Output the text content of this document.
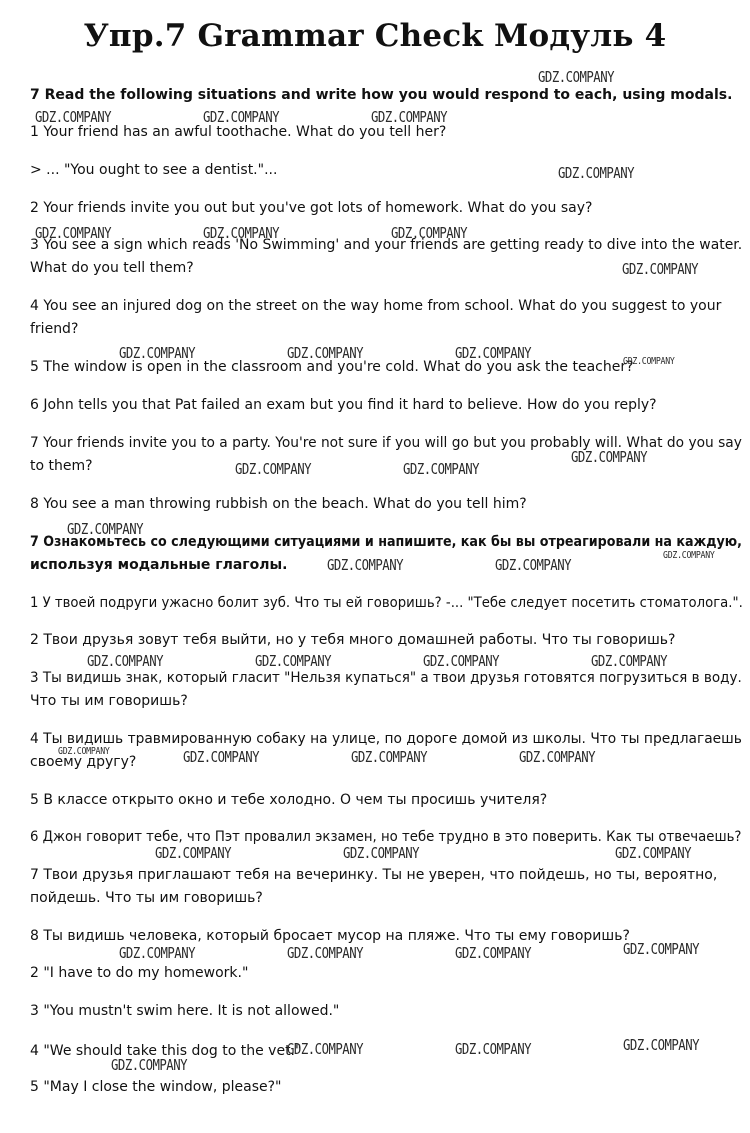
Упр.7 Grammar Check Модуль 4

7 Read the following situations and write how you would respond to each, using modals.

1 Your friend has an awful toothache. What do you tell her?

> ... "You ought to see a dentist."...

2 Your friends invite you out but you've got lots of homework. What do you say?

3 You see a sign which reads 'No Swimming' and your friends are getting ready to dive into the water.

What do you tell them?

4 You see an injured dog on the street on the way home from school. What do you suggest to your

friend?

5 The window is open in the classroom and you're cold. What do you ask the teacher?

6 John tells you that Pat failed an exam but you find it hard to believe. How do you reply?

7 Your friends invite you to a party. You're not sure if you will go but you probably will. What do you say

to them?

8 You see a man throwing rubbish on the beach. What do you tell him?

7 Ознакомьтесь со следующими ситуациями и напишите, как бы вы отреагировали на каждую,

используя модальные глаголы.

1 У твоей подруги ужасно болит зуб. Что ты ей говоришь? -... "Тебе следует посетить стоматолога.".

2 Твои друзья зовут тебя выйти, но у тебя много домашней работы. Что ты говоришь?

3 Ты видишь знак, который гласит "Нельзя купаться" а твои друзья готовятся погрузиться в воду.

Что ты им говоришь?

4 Ты видишь травмированную собаку на улице, по дороге домой из школы. Что ты предлагаешь

своему другу?

5 В классе открыто окно и тебе холодно. О чем ты просишь учителя?

6 Джон говорит тебе, что Пэт провалил экзамен, но тебе трудно в это поверить. Как ты отвечаешь?

7 Твои друзья приглашают тебя на вечеринку. Ты не уверен, что пойдешь, но ты, вероятно,

пойдешь. Что ты им говоришь?

8 Ты видишь человека, который бросает мусор на пляже. Что ты ему говоришь?

2 "I have to do my homework."

3 "You mustn't swim here. It is not allowed."

4 "We should take this dog to the vet."

5 "May I close the window, please?"

GDZ.COMPANY
GDZ.COMPANY	GDZ.COMPANY	GDZ.COMPANY
GDZ.COMPANY
GDZ.COMPANY	GDZ.COMPANY	GDZ.COMPANY
GDZ.COMPANY
GDZ.COMPANY	GDZ.COMPANY	GDZ.COMPANY	GDZ.COMPANY
GDZ.COMPANY
GDZ.COMPANY	GDZ.COMPANY
GDZ.COMPANY
GDZ.COMPANY
GDZ.COMPANY	GDZ.COMPANY
GDZ.COMPANY	GDZ.COMPANY	GDZ.COMPANY	GDZ.COMPANY
GDZ.COMPANY	GDZ.COMPANY	GDZ.COMPANY	GDZ.COMPANY
GDZ.COMPANY	GDZ.COMPANY	GDZ.COMPANY
GDZ.COMPANY
GDZ.COMPANY	GDZ.COMPANY	GDZ.COMPANY
GDZ.COMPANY	GDZ.COMPANY	GDZ.COMPANY
GDZ.COMPANY
